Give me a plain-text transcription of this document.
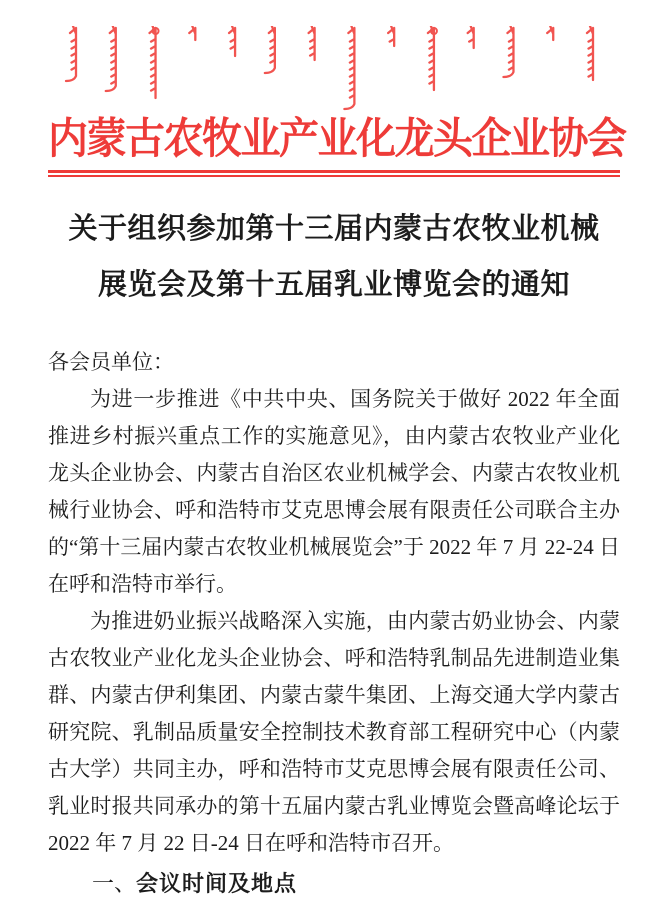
内蒙古农牧业产业化龙头企业协会
关于组织参加第十三届内蒙古农牧业机械
展览会及第十五届乳业博览会的通知
各会员单位：

为进一步推进《中共中央、国务院关于做好 2022 年全面推进乡村振兴重点工作的实施意见》，由内蒙古农牧业产业化龙头企业协会、内蒙古自治区农业机械学会、内蒙古农牧业机械行业协会、呼和浩特市艾克思博会展有限责任公司联合主办的“第十三届内蒙古农牧业机械展览会”于 2022 年 7 月 22-24 日在呼和浩特市举行。

为推进奶业振兴战略深入实施，由内蒙古奶业协会、内蒙古农牧业产业化龙头企业协会、呼和浩特乳制品先进制造业集群、内蒙古伊利集团、内蒙古蒙牛集团、上海交通大学内蒙古研究院、乳制品质量安全控制技术教育部工程研究中心（内蒙古大学）共同主办，呼和浩特市艾克思博会展有限责任公司、乳业时报共同承办的第十五届内蒙古乳业博览会暨高峰论坛于 2022 年 7 月 22 日-24 日在呼和浩特市召开。

一、会议时间及地点
